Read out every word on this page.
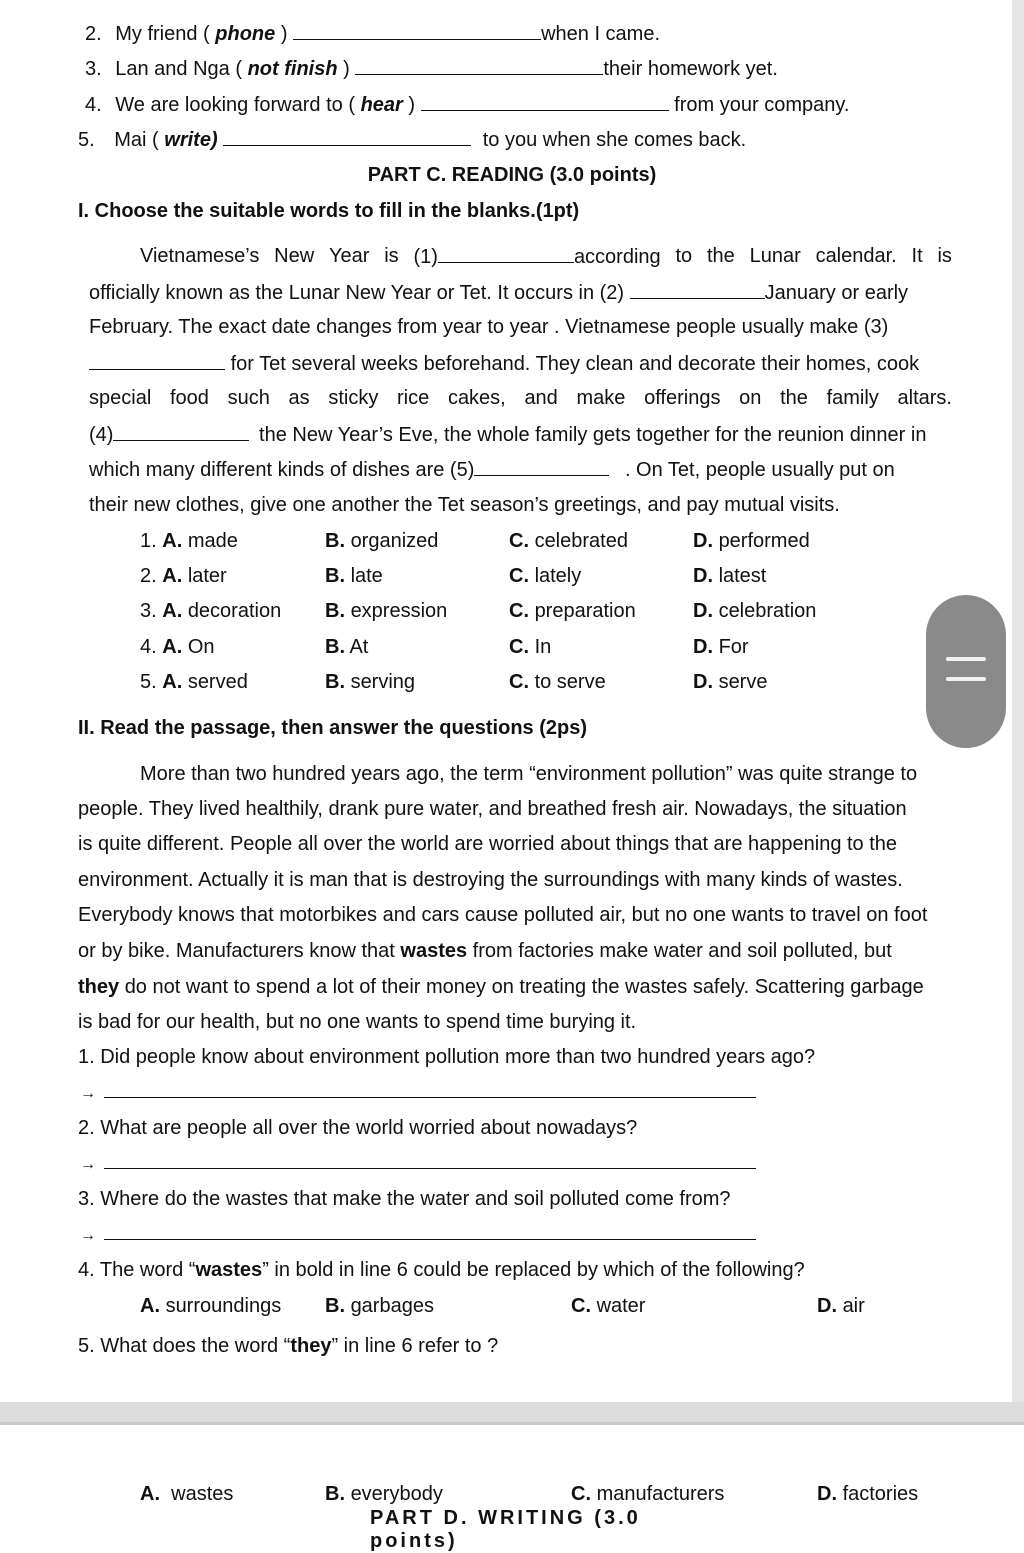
2. My friend ( phone )	when I came.
3. Lan and Nga ( not finish )	their homework yet.
4. We are looking forward to ( hear )	from your company.
5. Mai ( write)	to you when she comes back.
PART C. READING (3.0 points)
I. Choose the suitable words to fill in the blanks.(1pt)
Vietnamese’s New Year is (1)	according to the Lunar calendar. It is
officially known as the Lunar New Year or Tet. It occurs in (2)	January or early
February. The exact date changes from year to year . Vietnamese people usually make (3)
for Tet several weeks beforehand. They clean and decorate their homes, cook
special food such as sticky rice cakes, and make offerings on the family altars.
(4)	the New Year’s Eve, the whole family gets together for the reunion dinner in
which many different kinds of dishes are (5)	. On Tet, people usually put on
their new clothes, give one another the Tet season’s greetings, and pay mutual visits.
1. A. made	B. organized	C. celebrated	D. performed
2. A. later	B. late	C. lately	D. latest
3. A. decoration B. expression	C. preparation	D. celebration
4. A. On	B. At	C. In	D. For
5. A. served	B. serving	C. to serve	D. serve
II. Read the passage, then answer the questions (2ps)
More than two hundred years ago, the term “environment pollution” was quite strange to
people. They lived healthily, drank pure water, and breathed fresh air. Nowadays, the situation
is quite different. People all over the world are worried about things that are happening to the
environment. Actually it is man that is destroying the surroundings with many kinds of wastes.
Everybody knows that motorbikes and cars cause polluted air, but no one wants to travel on foot
or by bike. Manufacturers know that wastes from factories make water and soil polluted, but
they do not want to spend a lot of their money on treating the wastes safely. Scattering garbage
is bad for our health, but no one wants to spend time burying it.
1. Did people know about environment pollution more than two hundred years ago?
→
2. What are people all over the world worried about nowadays?
→
3. Where do the wastes that make the water and soil polluted come from?
→
4. The word “wastes” in bold in line 6 could be replaced by which of the following?
A. surroundings B. garbages	C. water	D. air
5. What does the word “they” in line 6 refer to ?
A. wastes	B. everybody	C. manufacturers	D. factories
PART D. WRITING (3.0 points)
